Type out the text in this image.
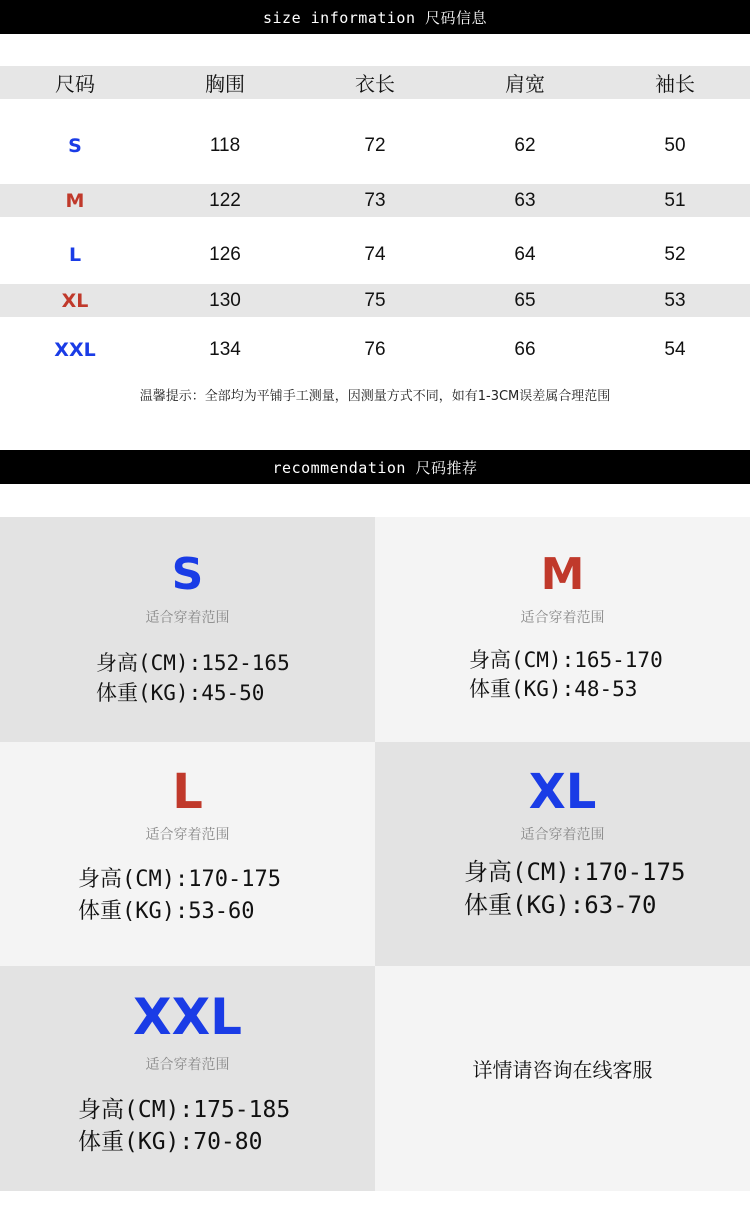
size information 尺码信息
尺码	胸围	衣长	肩宽	袖长
S	118	72	62	50
M	122	73	63	51
L	126	74	64	52
XL	130	75	65	53
XXL	134	76	66	54
温馨提示：全部均为平铺手工测量，因测量方式不同，如有1-3CM误差属合理范围
recommendation 尺码推荐
S
适合穿着范围
身高(CM):152-165
体重(KG):45-50
M
适合穿着范围
身高(CM):165-170
体重(KG):48-53
L
适合穿着范围
身高(CM):170-175
体重(KG):53-60
XL
适合穿着范围
身高(CM):170-175
体重(KG):63-70
XXL
适合穿着范围
身高(CM):175-185
体重(KG):70-80
详情请咨询在线客服
